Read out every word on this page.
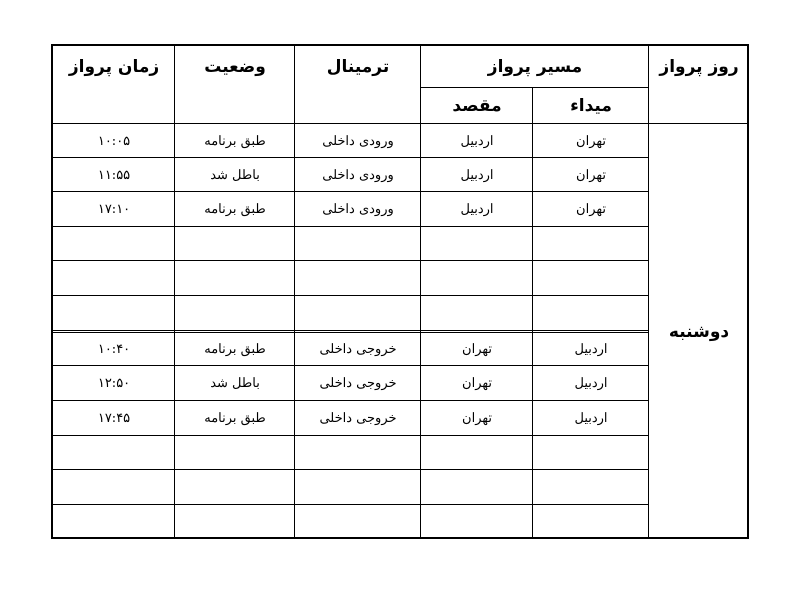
روز پرواز
مسیر پرواز
میداء
مقصد
ترمینال
وضعیت
زمان پرواز
دوشنبه
تهران
اردبیل
ورودی داخلی
طبق برنامه
۱۰:۰۵
تهران
اردبیل
ورودی داخلی
باطل شد
۱۱:۵۵
تهران
اردبیل
ورودی داخلی
طبق برنامه
۱۷:۱۰
اردبیل
تهران
خروجی داخلی
طبق برنامه
۱۰:۴۰
اردبیل
تهران
خروجی داخلی
باطل شد
۱۲:۵۰
اردبیل
تهران
خروجی داخلی
طبق برنامه
۱۷:۴۵
